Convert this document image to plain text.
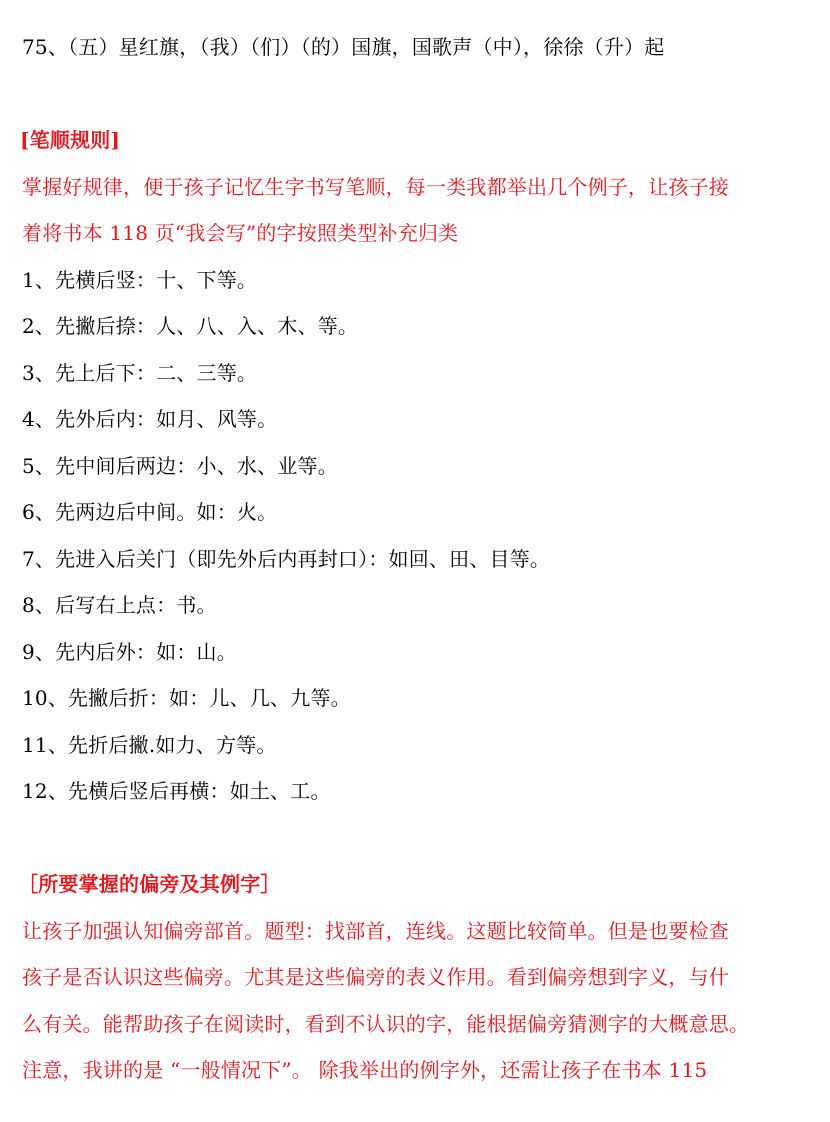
75、（五）星红旗，（我）（们）（的）国旗，国歌声（中），徐徐（升）起
[笔顺规则]
掌握好规律，便于孩子记忆生字书写笔顺，每一类我都举出几个例子，让孩子接
着将书本 118 页“我会写”的字按照类型补充归类
1、先横后竖：十、下等。
2、先撇后捺：人、八、入、木、等。
3、先上后下：二、三等。
4、先外后内：如月、风等。
5、先中间后两边：小、水、业等。
6、先两边后中间。如：火。
7、先进入后关门（即先外后内再封口）：如回、田、目等。
8、后写右上点：书。
9、先内后外：如：山。
10、先撇后折：如：儿、几、九等。
11、先折后撇.如力、方等。
12、先横后竖后再横：如土、工。
［所要掌握的偏旁及其例字］
让孩子加强认知偏旁部首。题型：找部首，连线。这题比较简单。但是也要检查
孩子是否认识这些偏旁。尤其是这些偏旁的表义作用。看到偏旁想到字义，与什
么有关。能帮助孩子在阅读时，看到不认识的字，能根据偏旁猜测字的大概意思。
注意，我讲的是 “一般情况下”。 除我举出的例字外，还需让孩子在书本 115
